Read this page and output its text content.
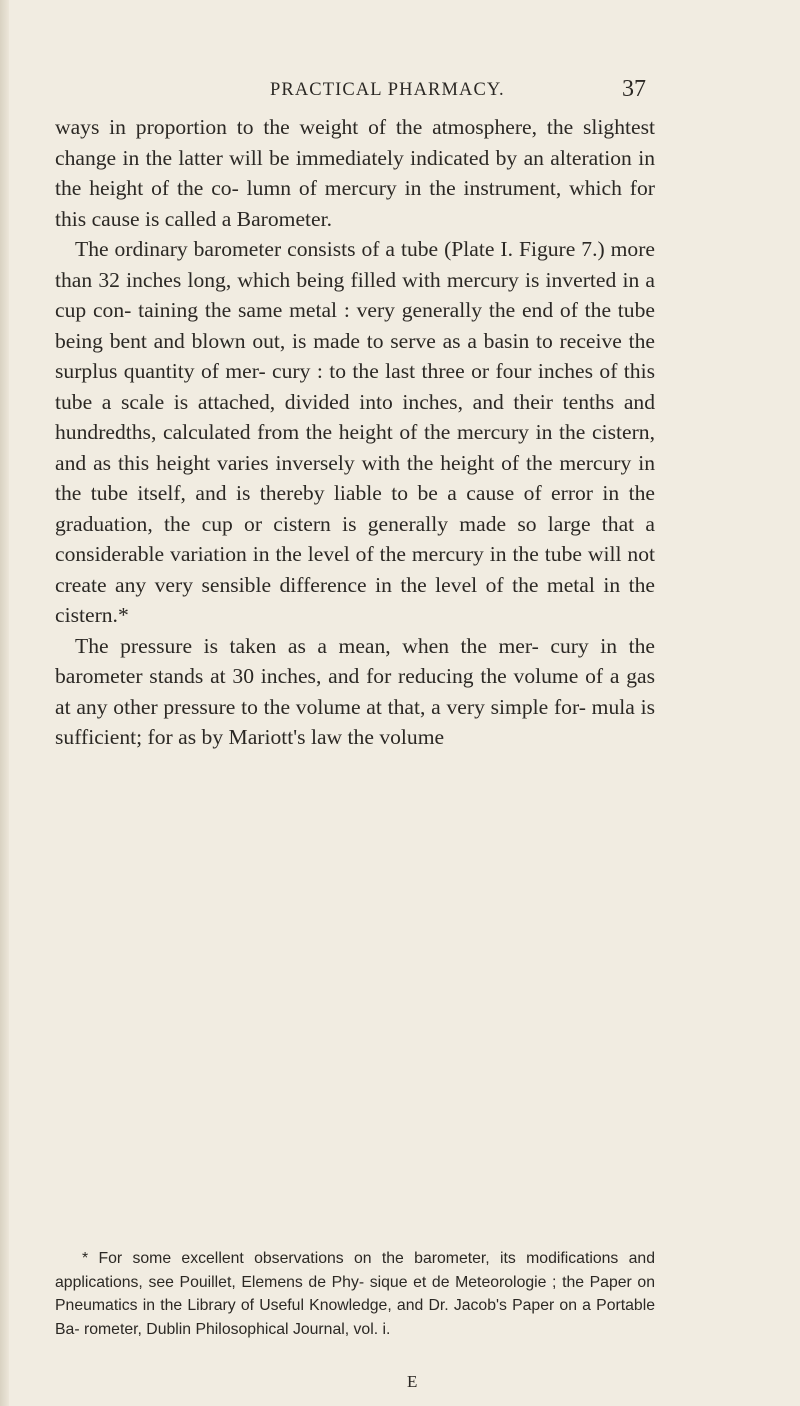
PRACTICAL PHARMACY.	37

ways in proportion to the weight of the atmosphere, the slightest change in the latter will be immediately indicated by an alteration in the height of the co- lumn of mercury in the instrument, which for this cause is called a Barometer.

The ordinary barometer consists of a tube (Plate I. Figure 7.) more than 32 inches long, which being filled with mercury is inverted in a cup con- taining the same metal : very generally the end of the tube being bent and blown out, is made to serve as a basin to receive the surplus quantity of mer- cury : to the last three or four inches of this tube a scale is attached, divided into inches, and their tenths and hundredths, calculated from the height of the mercury in the cistern, and as this height varies inversely with the height of the mercury in the tube itself, and is thereby liable to be a cause of error in the graduation, the cup or cistern is generally made so large that a considerable variation in the level of the mercury in the tube will not create any very sensible difference in the level of the metal in the cistern.*

The pressure is taken as a mean, when the mer- cury in the barometer stands at 30 inches, and for reducing the volume of a gas at any other pressure to the volume at that, a very simple for- mula is sufficient; for as by Mariott's law the volume

* For some excellent observations on the barometer, its modifications and applications, see Pouillet, Elemens de Phy- sique et de Meteorologie ; the Paper on Pneumatics in the Library of Useful Knowledge, and Dr. Jacob's Paper on a Portable Ba- rometer, Dublin Philosophical Journal, vol. i.

E
